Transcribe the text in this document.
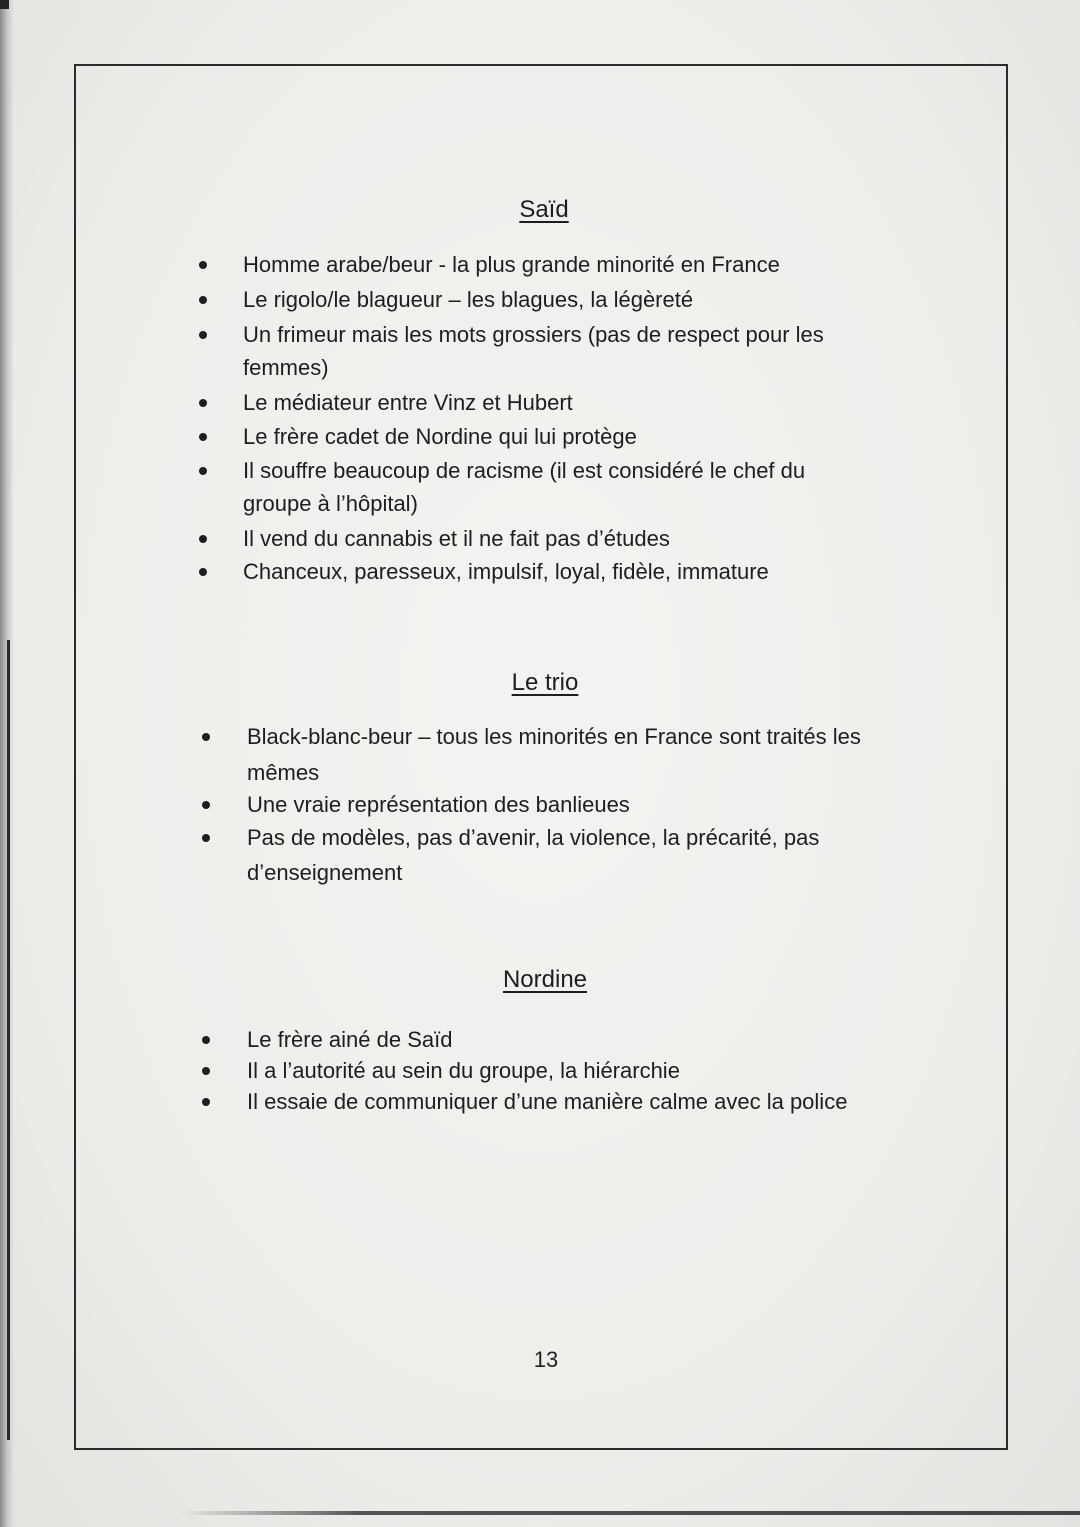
Saïd
Homme arabe/beur - la plus grande minorité en France
Le rigolo/le blagueur – les blagues, la légèreté
Un frimeur mais les mots grossiers (pas de respect pour les
femmes)
Le médiateur entre Vinz et Hubert
Le frère cadet de Nordine qui lui protège
Il souffre beaucoup de racisme (il est considéré le chef du
groupe à l’hôpital)
Il vend du cannabis et il ne fait pas d’études
Chanceux, paresseux, impulsif, loyal, fidèle, immature
Le trio
Black-blanc-beur – tous les minorités en France sont traités les
mêmes
Une vraie représentation des banlieues
Pas de modèles, pas d’avenir, la violence, la précarité, pas
d’enseignement
Nordine
Le frère ainé de Saïd
Il a l’autorité au sein du groupe, la hiérarchie
Il essaie de communiquer d’une manière calme avec la police
13
